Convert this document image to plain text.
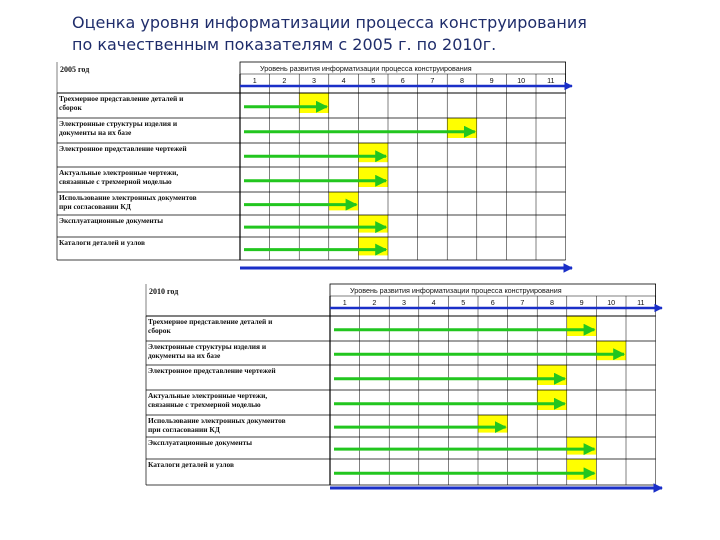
Оценка уровня информатизации процесса конструирования
по качественным показателям с 2005 г. по 2010г.
2005 год	Уровень развития информатизации процесса конструирования
1	2	3	4	5	6	7	8	9	10	11
Трехмерное представление деталей и сборок
Электронные структуры изделия и документы на их базе
Электронное представление чертежей
Актуальные электронные чертежи, связанные с трехмерной моделью
Использование электронных документов при согласовании КД
Эксплуатационные документы
Каталоги деталей и узлов
2010 год	Уровень развития информатизации процесса конструирования
1	2	3	4	5	6	7	8	9	10	11
Трехмерное представление деталей и сборок
Электронные структуры изделия и документы на их базе
Электронное представление чертежей
Актуальные электронные чертежи, связанные с трехмерной моделью
Использование электронных документов при согласовании КД
Эксплуатационные документы
Каталоги деталей и узлов
